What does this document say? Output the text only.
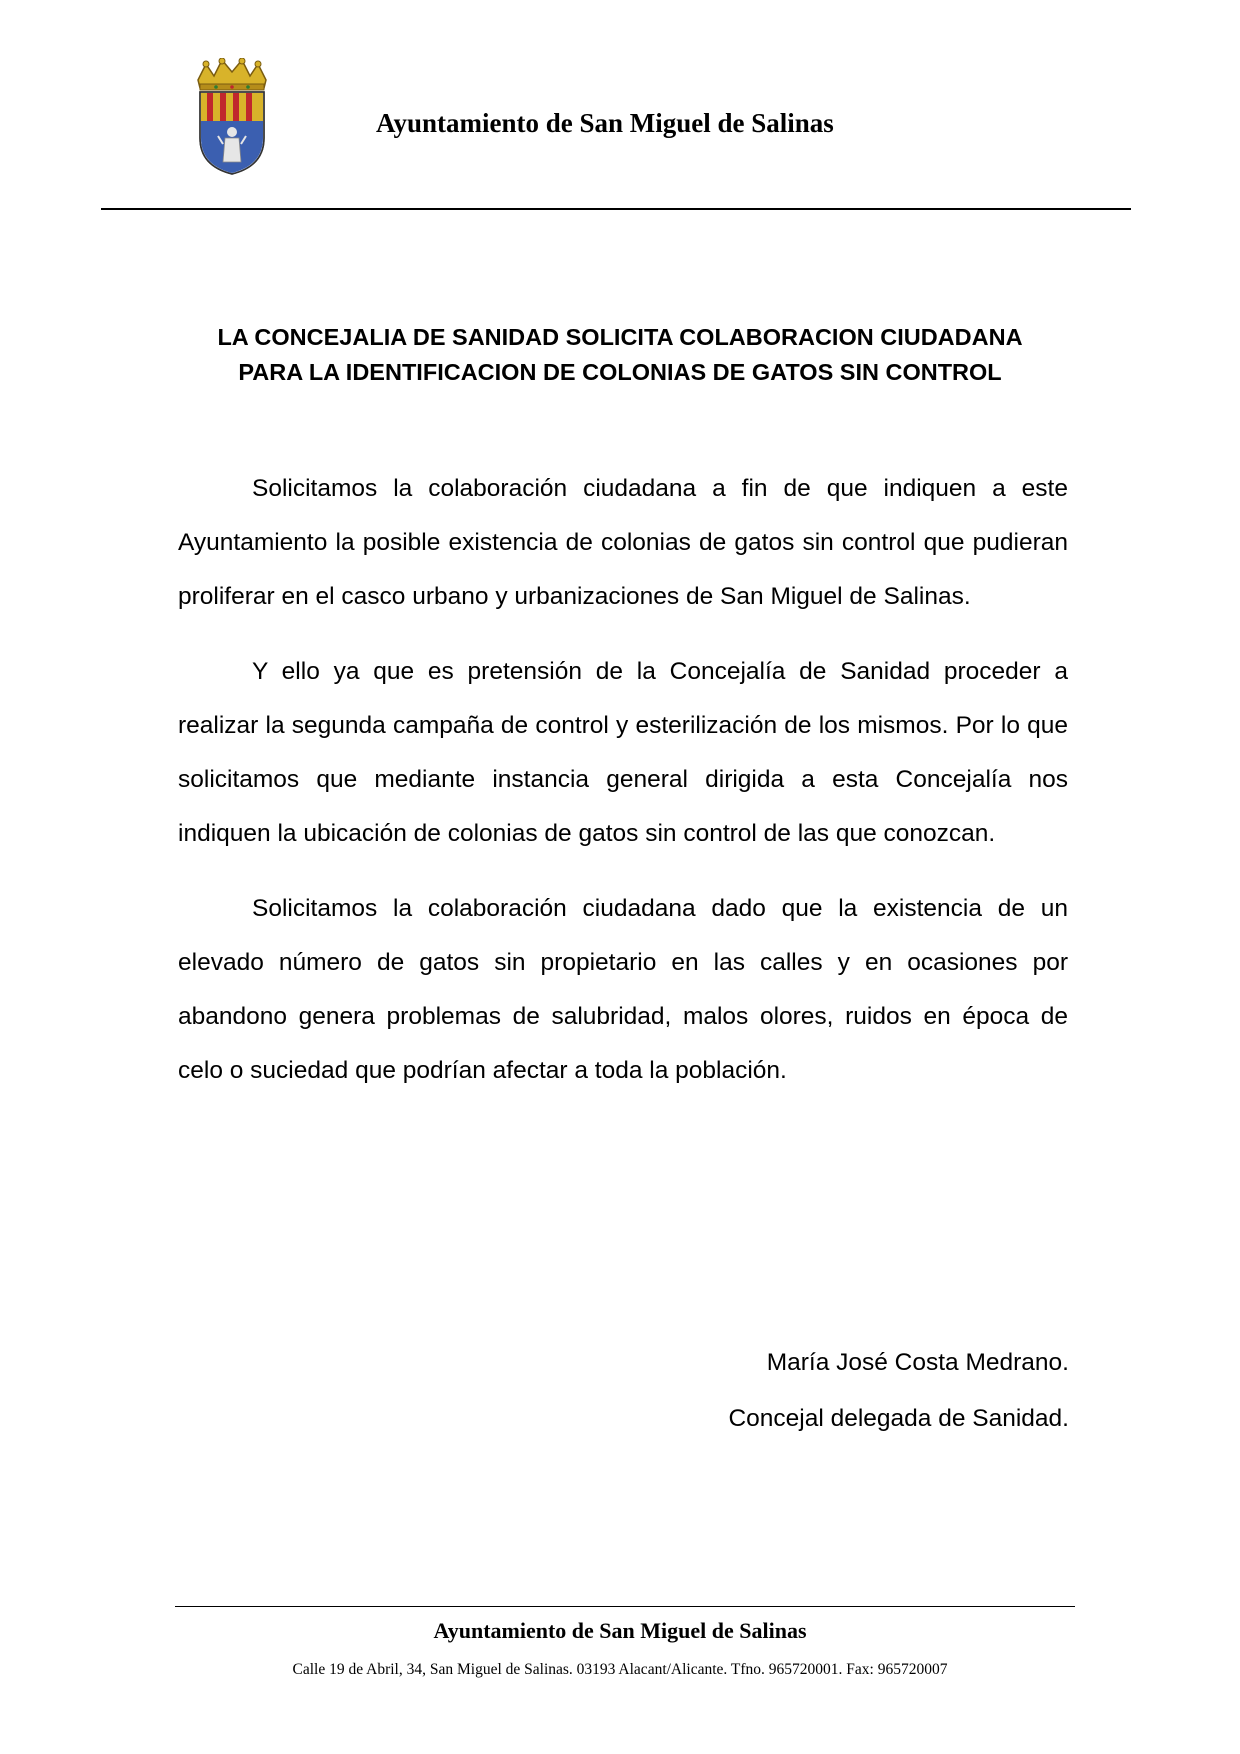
Ayuntamiento de San Miguel de Salinas
LA CONCEJALIA DE SANIDAD SOLICITA COLABORACION CIUDADANA
PARA LA IDENTIFICACION DE COLONIAS DE GATOS SIN CONTROL

Solicitamos la colaboración ciudadana a fin de que indiquen a este Ayuntamiento la posible existencia de colonias de gatos sin control que pudieran proliferar en el casco urbano y urbanizaciones de San Miguel de Salinas.

Y ello ya que es pretensión de la Concejalía de Sanidad proceder a realizar la segunda campaña de control y esterilización de los mismos. Por lo que solicitamos que mediante instancia general dirigida a esta Concejalía nos indiquen la ubicación de colonias de gatos sin control de las que conozcan.

Solicitamos la colaboración ciudadana dado que la existencia de un elevado número de gatos sin propietario en las calles y en ocasiones por abandono genera problemas de salubridad, malos olores, ruidos en época de celo o suciedad que podrían afectar a toda la población.

María José Costa Medrano.
Concejal delegada de Sanidad.
Ayuntamiento de San Miguel de Salinas
Calle 19 de Abril, 34, San Miguel de Salinas. 03193 Alacant/Alicante. Tfno. 965720001. Fax: 965720007
